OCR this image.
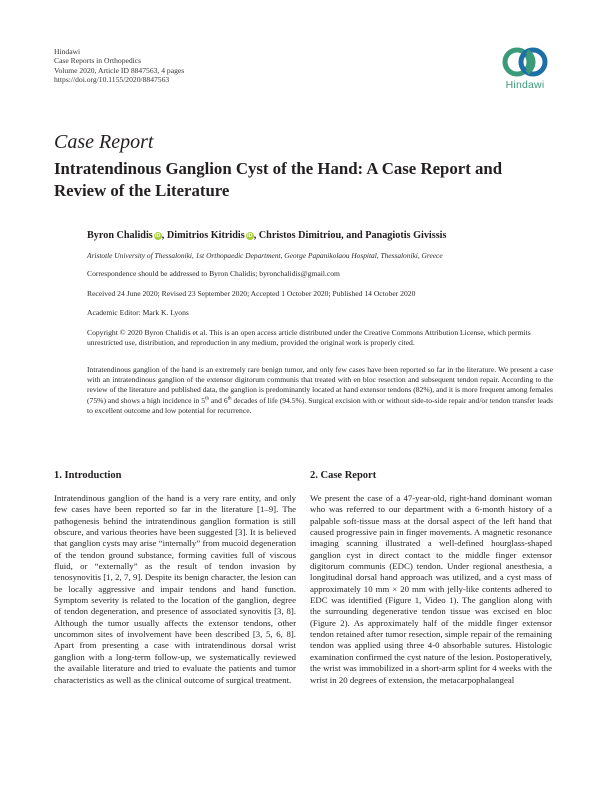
Hindawi
Case Reports in Orthopedics
Volume 2020, Article ID 8847563, 4 pages
https://doi.org/10.1155/2020/8847563	Hindawi
Case Report
Intratendinous Ganglion Cyst of the Hand: A Case Report and Review of the Literature
Byron Chalidis iD, Dimitrios Kitridis iD, Christos Dimitriou, and Panagiotis Givissis
Aristotle University of Thessaloniki, 1st Orthopaedic Department, George Papanikolaou Hospital, Thessaloniki, Greece
Correspondence should be addressed to Byron Chalidis; byronchalidis@gmail.com
Received 24 June 2020; Revised 23 September 2020; Accepted 1 October 2020; Published 14 October 2020
Academic Editor: Mark K. Lyons
Copyright © 2020 Byron Chalidis et al. This is an open access article distributed under the Creative Commons Attribution License, which permits unrestricted use, distribution, and reproduction in any medium, provided the original work is properly cited.
Intratendinous ganglion of the hand is an extremely rare benign tumor, and only few cases have been reported so far in the literature. We present a case with an intratendinous ganglion of the extensor digitorum communis that treated with en bloc resection and subsequent tendon repair. According to the review of the literature and published data, the ganglion is predominantly located at hand extensor tendons (82%), and it is more frequent among females (75%) and shows a high incidence in 5th and 6th decades of life (94.5%). Surgical excision with or without side-to-side repair and/or tendon transfer leads to excellent outcome and low potential for recurrence.
1. Introduction

Intratendinous ganglion of the hand is a very rare entity, and only few cases have been reported so far in the literature [1–9]. The pathogenesis behind the intratendinous ganglion formation is still obscure, and various theories have been suggested [3]. It is believed that ganglion cysts may arise “internally” from mucoid degeneration of the tendon ground substance, forming cavities full of viscous fluid, or “externally” as the result of tendon invasion by tenosynovitis [1, 2, 7, 9]. Despite its benign character, the lesion can be locally aggressive and impair tendons and hand function. Symptom severity is related to the location of the ganglion, degree of tendon degeneration, and presence of associated synovitis [3, 8]. Although the tumor usually affects the extensor tendons, other uncommon sites of involvement have been described [3, 5, 6, 8]. Apart from presenting a case with intratendinous dorsal wrist ganglion with a long-term follow-up, we systematically reviewed the available literature and tried to evaluate the patients and tumor characteristics as well as the clinical outcome of surgical treatment.

2. Case Report

We present the case of a 47-year-old, right-hand dominant woman who was referred to our department with a 6-month history of a palpable soft-tissue mass at the dorsal aspect of the left hand that caused progressive pain in finger movements. A magnetic resonance imaging scanning illustrated a well-defined hourglass-shaped ganglion cyst in direct contact to the middle finger extensor digitorum communis (EDC) tendon. Under regional anesthesia, a longitudinal dorsal hand approach was utilized, and a cyst mass of approximately 10 mm × 20 mm with jelly-like contents adhered to EDC was identified (Figure 1, Video 1). The ganglion along with the surrounding degenerative tendon tissue was excised en bloc (Figure 2). As approximately half of the middle finger extensor tendon retained after tumor resection, simple repair of the remaining tendon was applied using three 4-0 absorbable sutures. Histologic examination confirmed the cyst nature of the lesion. Postoperatively, the wrist was immobilized in a short-arm splint for 4 weeks with the wrist in 20 degrees of extension, the metacarpophalangeal
